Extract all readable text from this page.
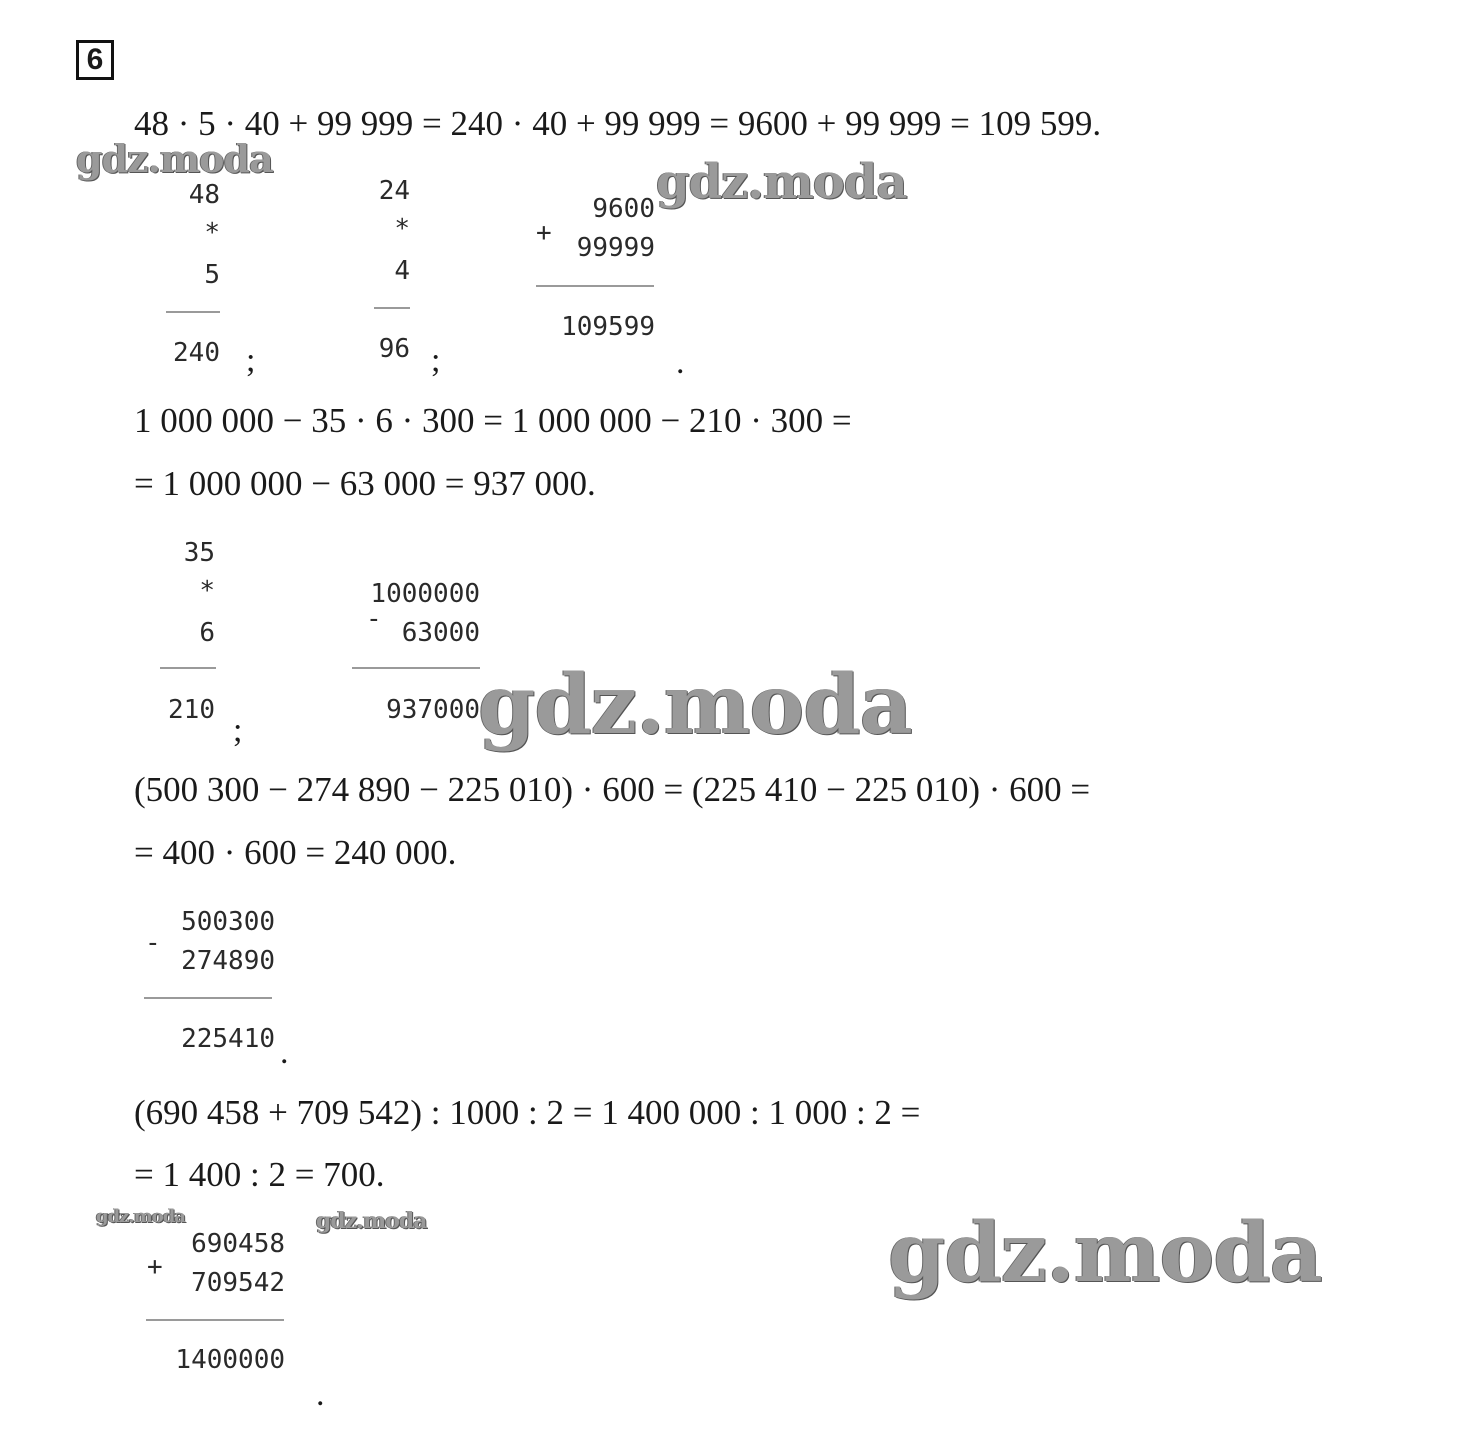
6
48 · 5 · 40 + 99 999 = 240 · 40 + 99 999 = 9600 + 99 999 = 109 599.
48
*
5
240 ;
24
*
4
96 ;
+
9600
99999
109599
.
1 000 000 − 35 · 6 · 300 = 1 000 000 − 210 · 300 =
= 1 000 000 − 63 000 = 937 000.
35
*
6
210
;
-
1000000
63000
937000
(500 300 − 274 890 − 225 010) · 600 = (225 410 − 225 010) · 600 =
= 400 · 600 = 240 000.
-
500300
274890
225410 .
(690 458 + 709 542) : 1000 : 2 = 1 400 000 : 1 000 : 2 =
= 1 400 : 2 = 700.
+
690458
709542
1400000
.
gdz.moda	gdz.moda
gdz.moda
gdz.moda	gdz.moda	gdz.moda
